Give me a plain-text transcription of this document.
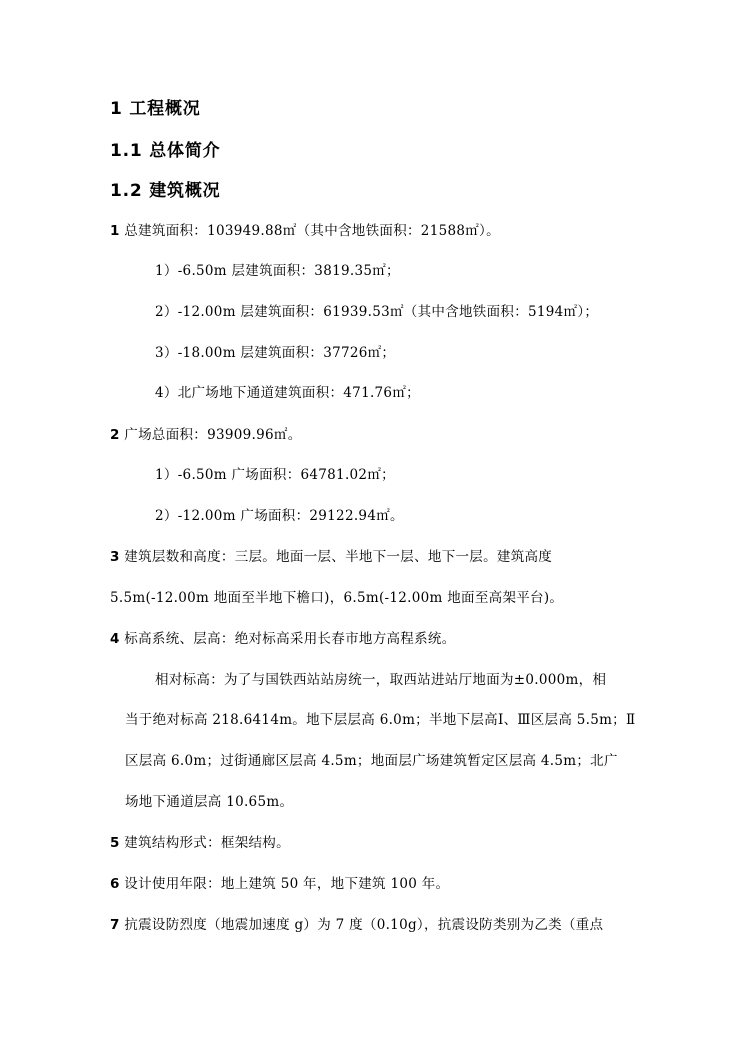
1 工程概况
1.1 总体简介
1.2 建筑概况
1 总建筑面积：103949.88㎡（其中含地铁面积：21588㎡）。
1）-6.50m 层建筑面积：3819.35㎡；
2）-12.00m 层建筑面积：61939.53㎡（其中含地铁面积：5194㎡）；
3）-18.00m 层建筑面积：37726㎡；
4）北广场地下通道建筑面积：471.76㎡；
2 广场总面积：93909.96㎡。
1）-6.50m 广场面积：64781.02㎡；
2）-12.00m 广场面积：29122.94㎡。
3 建筑层数和高度：三层。地面一层、半地下一层、地下一层。建筑高度
5.5m(-12.00m 地面至半地下檐口)，6.5m(-12.00m 地面至高架平台)。
4 标高系统、层高：绝对标高采用长春市地方高程系统。
相对标高：为了与国铁西站站房统一，取西站进站厅地面为±0.000m，相
当于绝对标高 218.6414m。地下层层高 6.0m；半地下层高Ⅰ、Ⅲ区层高 5.5m；Ⅱ
区层高 6.0m；过街通廊区层高 4.5m；地面层广场建筑暂定区层高 4.5m；北广
场地下通道层高 10.65m。
5 建筑结构形式：框架结构。
6 设计使用年限：地上建筑 50 年，地下建筑 100 年。
7 抗震设防烈度（地震加速度 g）为 7 度（0.10g），抗震设防类别为乙类（重点
